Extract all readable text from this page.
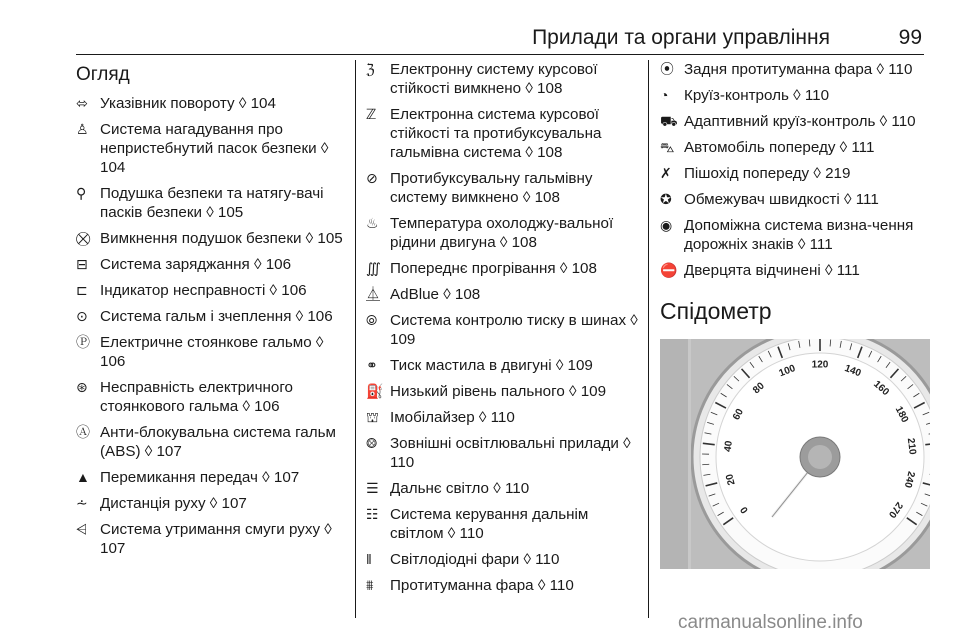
Прилади та органи управління	99
Огляд
⬄ Указівник повороту ◊ 104
♙ Система нагадування про непристебнутий пасок безпеки ◊ 104
⚲ Подушка безпеки та натягу-вачі пасків безпеки ◊ 105
⛒ Вимкнення подушок безпеки ◊ 105
⊟ Система заряджання ◊ 106
⊏ Індикатор несправності ◊ 106
⊙ Система гальм і зчеплення ◊ 106
Ⓟ Електричне стоянкове гальмо ◊ 106
⊛ Несправність електричного стоянкового гальма ◊ 106
Ⓐ Анти-блокувальна система гальм (ABS) ◊ 107
▲ Перемикання передач ◊ 107
⩪ Дистанція руху ◊ 107
⩤ Система утримання смуги руху ◊ 107
ℨ	Електронну систему курсової стійкості вимкнено ◊ 108
ℤ Електронна система курсової стійкості та протибуксувальна гальмівна система ◊ 108
⊘ Протибуксувальну гальмівну систему вимкнено ◊ 108
♨ Температура охолоджу-вальної рідини двигуна ◊ 108
∭ Попереднє прогрівання ◊ 108
⏅ AdBlue ◊ 108
⦾ Система контролю тиску в шинах ◊ 109
⚭ Тиск мастила в двигуні ◊ 109
⛽ Низький рівень пального ◊ 109
⛫ Імобілайзер ◊ 110
⨷ Зовнішні освітлювальні прилади ◊ 110
☰ Дальнє світло ◊ 110
☷ Система керування дальнім світлом ◊ 110
‖	Світлодіодні фари ◊ 110
⩩	Протитуманна фара ◊ 110
⦿ Задня протитуманна фара ◊ 110
◔	Круїз-контроль ◊ 110
⛟ Адаптивний круїз-контроль ◊ 110
⛍ Автомобіль попереду ◊ 111
✗ Пішохід попереду ◊ 219
✪ Обмежувач швидкості ◊ 111
◉ Допоміжна система визна-чення дорожніх знаків ◊ 111
⛔ Дверцята відчинені ◊ 111
Спідометр
0
20
40
60
80
100 120 140
160
180
210
240
270
carmanualsonline.info
